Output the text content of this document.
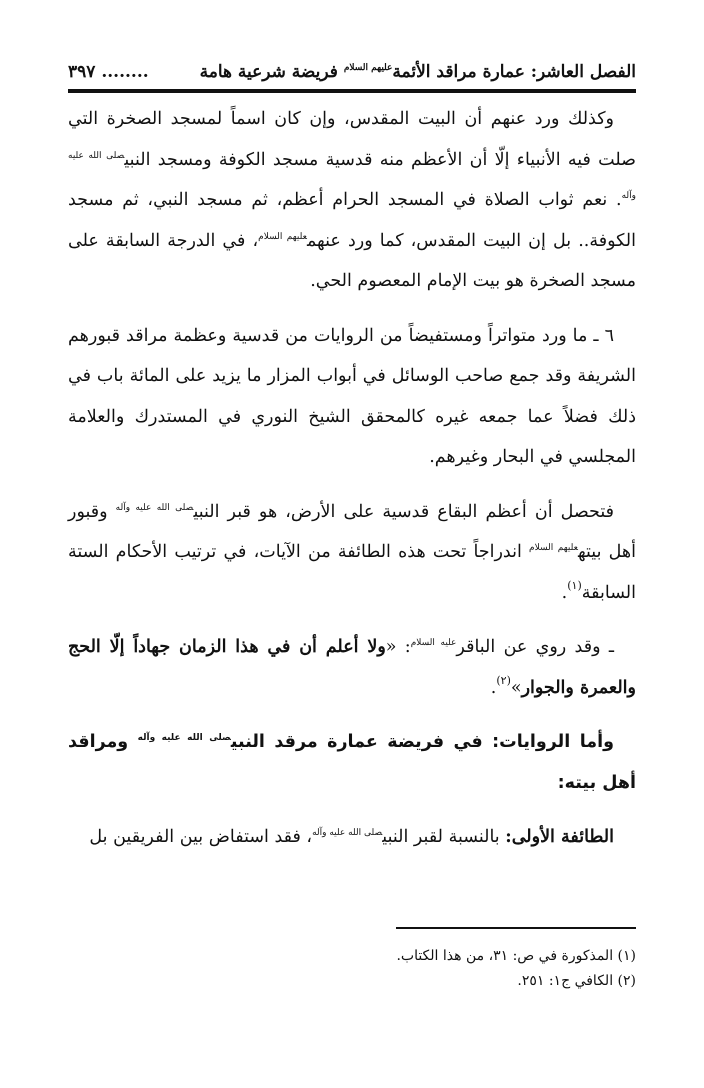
الفصل العاشر: عمارة مراقد الأئمة$^{عليهم السلام}$ فريضة شرعية هامة
........ ٣٩٧

وكذلك ورد عنهم أن البيت المقدس، وإن كان اسماً لمسجد الصخرة التي صلت فيه الأنبياء إلّا أن الأعظم منه قدسية مسجد الكوفة ومسجد النبي$^{صلى الله عليه وآله}$. نعم ثواب الصلاة في المسجد الحرام أعظم، ثم مسجد النبي، ثم مسجد الكوفة.. بل إن البيت المقدس، كما ورد عنهم$^{عليهم السلام}$، في الدرجة السابقة على مسجد الصخرة هو بيت الإمام المعصوم الحي.

٦ ـ ما ورد متواتراً ومستفيضاً من الروايات من قدسية وعظمة مراقد قبورهم الشريفة وقد جمع صاحب الوسائل في أبواب المزار ما يزيد على المائة باب في ذلك فضلاً عما جمعه غيره كالمحقق الشيخ النوري في المستدرك والعلامة المجلسي في البحار وغيرهم.

فتحصل أن أعظم البقاع قدسية على الأرض، هو قبر النبي$^{صلى الله عليه وآله}$ وقبور أهل بيته$^{عليهم السلام}$ اندراجاً تحت هذه الطائفة من الآيات، في ترتيب الأحكام الستة السابقة$^{(١)}$.

ـ وقد روي عن الباقر$^{عليه السلام}$: «ولا أعلم أن في هذا الزمان جهاداً إلّا الحج والعمرة والجوار»$^{(٢)}$.

وأما الروايات: في فريضة عمارة مرقد النبي$^{صلى الله عليه وآله}$ ومراقد أهل بيته:

الطائفة الأولى: بالنسبة لقبر النبي$^{صلى الله عليه وآله}$، فقد استفاض بين الفريقين بل

(١) المذكورة في ص: ٣١، من هذا الكتاب.

(٢) الكافي ج١: ٢٥١.
